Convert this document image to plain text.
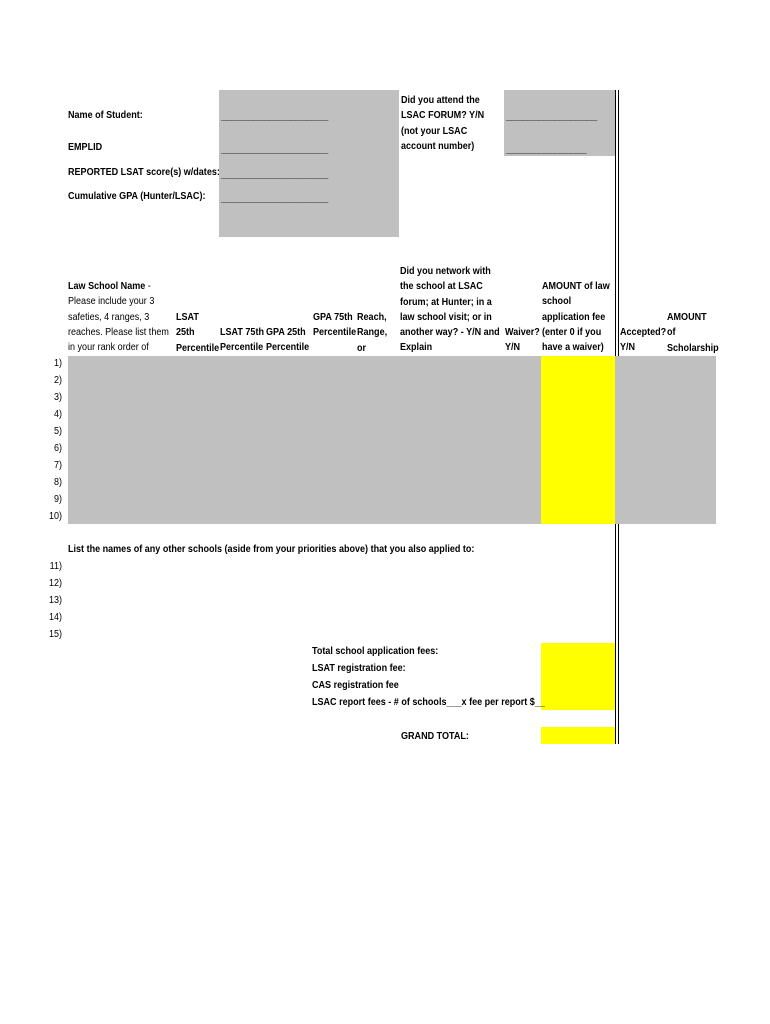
Name of Student:
EMPLID
REPORTED LSAT score(s) w/dates:
Cumulative GPA (Hunter/LSAC):
____________________
____________________
____________________
____________________
Did you attend the LSAC FORUM? Y/N
(not your LSAC account number)
_________________
_______________
Law School Name - Please include your 3 safeties, 4 ranges, 3 reaches. Please list them in your rank order of
LSAT 25th Percentile
LSAT 75th Percentile
GPA 25th Percentile
GPA 75th Percentile
Reach, Range, or
Did you network with the school at LSAC forum; at Hunter; in a law school visit; or in another way? - Y/N and Explain
Waiver? Y/N
AMOUNT of law school application fee (enter 0 if you have a waiver)
Accepted? Y/N
AMOUNT of Scholarship
1)
2)
3)
4)
5)
6)
7)
8)
9)
10)
List the names of any other schools (aside from your priorities above) that you also applied to:
11)
12)
13)
14)
15)
Total school application fees:
LSAT registration fee:
CAS registration fee
LSAC report fees - # of schools___x fee per report $__
GRAND TOTAL:
